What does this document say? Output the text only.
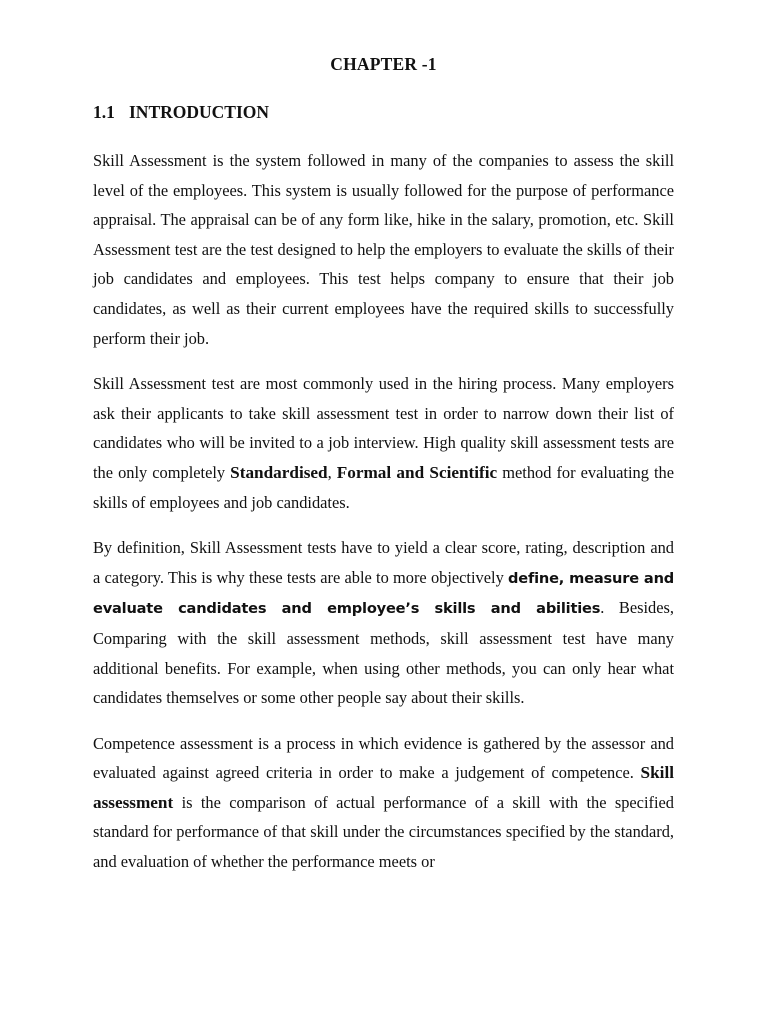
CHAPTER -1
1.1 INTRODUCTION

Skill Assessment is the system followed in many of the companies to assess the skill level of the employees. This system is usually followed for the purpose of performance appraisal. The appraisal can be of any form like, hike in the salary, promotion, etc. Skill Assessment test are the test designed to help the employers to evaluate the skills of their job candidates and employees. This test helps company to ensure that their job candidates, as well as their current employees have the required skills to successfully perform their job.

Skill Assessment test are most commonly used in the hiring process. Many employers ask their applicants to take skill assessment test in order to narrow down their list of candidates who will be invited to a job interview. High quality skill assessment tests are the only completely Standardised, Formal and Scientific method for evaluating the skills of employees and job candidates.

By definition, Skill Assessment tests have to yield a clear score, rating, description and a category. This is why these tests are able to more objectively define, measure and evaluate candidates and employee’s skills and abilities. Besides, Comparing with the skill assessment methods, skill assessment test have many additional benefits. For example, when using other methods, you can only hear what candidates themselves or some other people say about their skills.

Competence assessment is a process in which evidence is gathered by the assessor and evaluated against agreed criteria in order to make a judgement of competence. Skill assessment is the comparison of actual performance of a skill with the specified standard for performance of that skill under the circumstances specified by the standard, and evaluation of whether the performance meets or
